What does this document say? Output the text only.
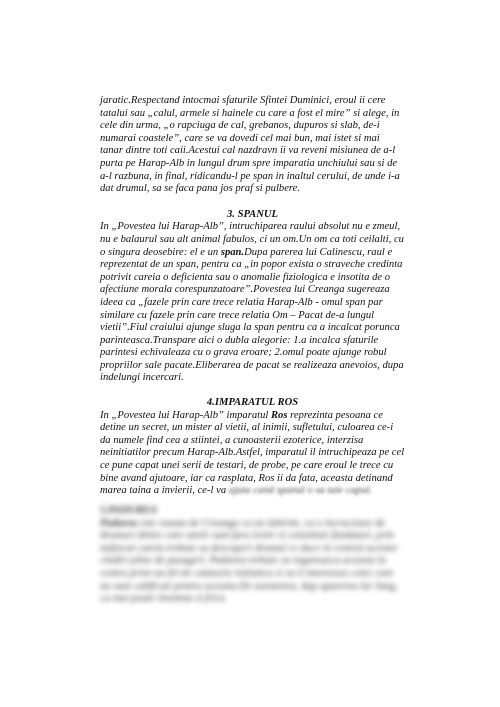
jaratic.Respectand intocmai sfaturile Sfintei Duminici, eroul ii cere tatalui sau „calul, armele si hainele cu care a fost el mire” si alege, in cele din urma, „o rapciuga de cal, grebanos, dupuros si slab, de-i numarai coastele”, care se va dovedi cel mai bun, mai istet si mai tanar dintre toti caii.Acestui cal nazdravn ii va reveni misiunea de a-l purta pe Harap-Alb in lungul drum spre imparatia unchiului sau si de a-l razbuna, in final, ridicandu-l pe span in inaltul cerului, de unde i-a dat drumul, sa se faca pana jos praf si pulbere.

3. SPANUL

In „Povestea lui Harap-Alb”, intruchiparea raului absolut nu e zmeul, nu e balaurul sau alt animal fabulos, ci un om.Un om ca toti ceilalti, cu o singura deosebire: el e un span.Dupa parerea lui Calinescu, raul e reprezentat de un span, pentru ca „in popor exista o straveche credinta potrivit careia o deficienta sau o anomalie fiziologica e insotita de o afectiune morala corespunzatoare”.Povestea lui Creanga sugereaza ideea ca „fazele prin care trece relatia Harap-Alb - omul span par similare cu fazele prin care trece relatia Om – Pacat de-a lungul vietii”.Fiul craiului ajunge sluga la span pentru ca a incalcat porunca parinteasca.Transpare aici o dubla alegorie: 1.a incalca sfaturile parintesi echivaleaza cu o grava eroare; 2.omul poate ajunge robul propriilor sale pacate.Eliberarea de pacat se realizeaza anevoios, dupa indelungi incercari.

4.IMPARATUL ROS

In „Povestea lui Harap-Alb” imparatul Ros reprezinta pesoana ce detine un secret, un mister al vietii, al inimii, sufletului, culoarea ce-i da numele find cea a stiintei, a cunoasterii ezoterice, interzisa neinitiatilor precum Harap-Alb.Astfel, imparatul il intruchipeaza pe cel ce pune capat unei serii de testari, de probe, pe care eroul le trece cu bine avand ajutoare, iar ca rasplata, Ros ii da fata, aceasta detinand marea taina a invierii, ce-l va ajuta cand spanul o sa taie capul.

5.PADUREA

Padurea este vazuta de Creanga ca un labirint, ca o incrucisare de drumuri dintre care unele sunt fara iesire si constituie fundaturi, prin mijlocul careia trebuie sa descoperi drumul ce duce in centrul acestor cladiri pline de pasageri. Padurea trebuie sa regaseasca aceasta la centru prinr-un fel de calatorie initiatica si sa il intereseze celor care nu sunt calificati pentru aceasta.De asemenea, dup aparerea lui Jung, ca mai poate insemna si frica
